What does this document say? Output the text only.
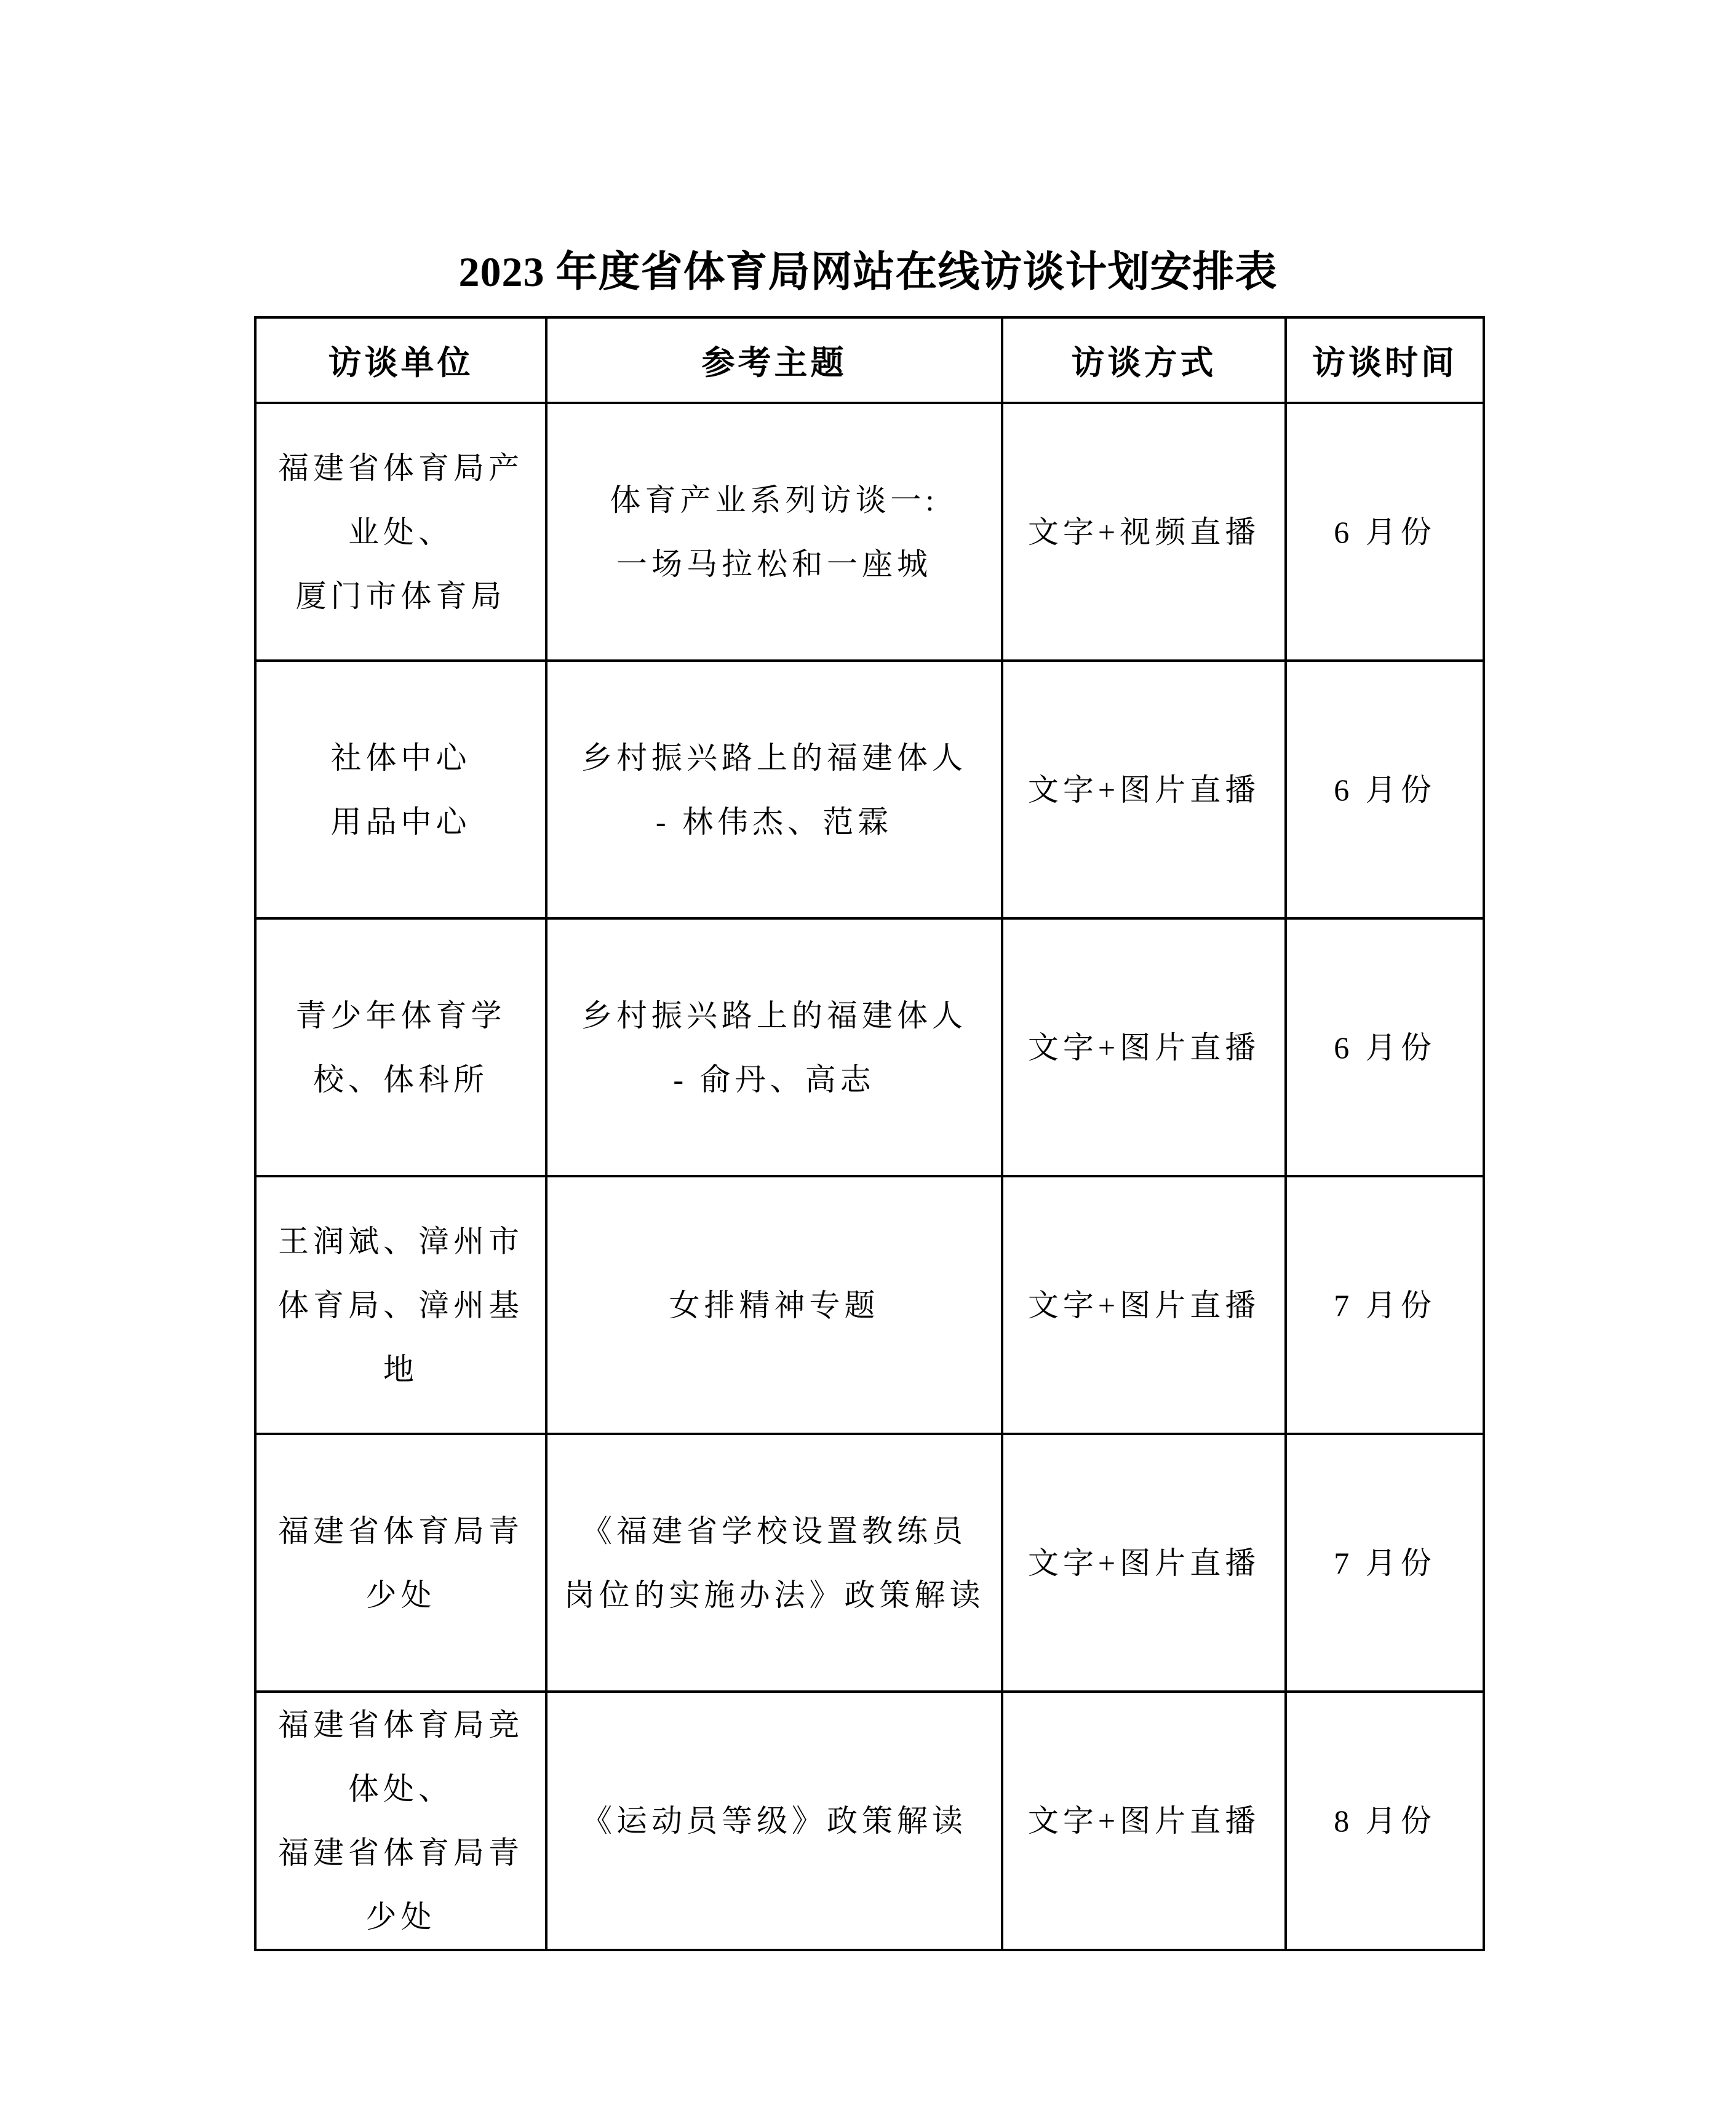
2023 年度省体育局网站在线访谈计划安排表
访谈单位	参考主题	访谈方式	访谈时间

福建省体育局产
业处、
厦门市体育局	体育产业系列访谈一:
一场马拉松和一座城	文字+视频直播	6 月份

社体中心
用品中心	乡村振兴路上的福建体人
- 林伟杰、范霖	文字+图片直播	6 月份

青少年体育学
校、体科所	乡村振兴路上的福建体人
- 俞丹、高志	文字+图片直播	6 月份

王润斌、漳州市
体育局、漳州基
地	女排精神专题	文字+图片直播	7 月份

福建省体育局青
少处	《福建省学校设置教练员
岗位的实施办法》政策解读	文字+图片直播	7 月份

福建省体育局竞
体处、
福建省体育局青
少处	《运动员等级》政策解读	文字+图片直播	8 月份
